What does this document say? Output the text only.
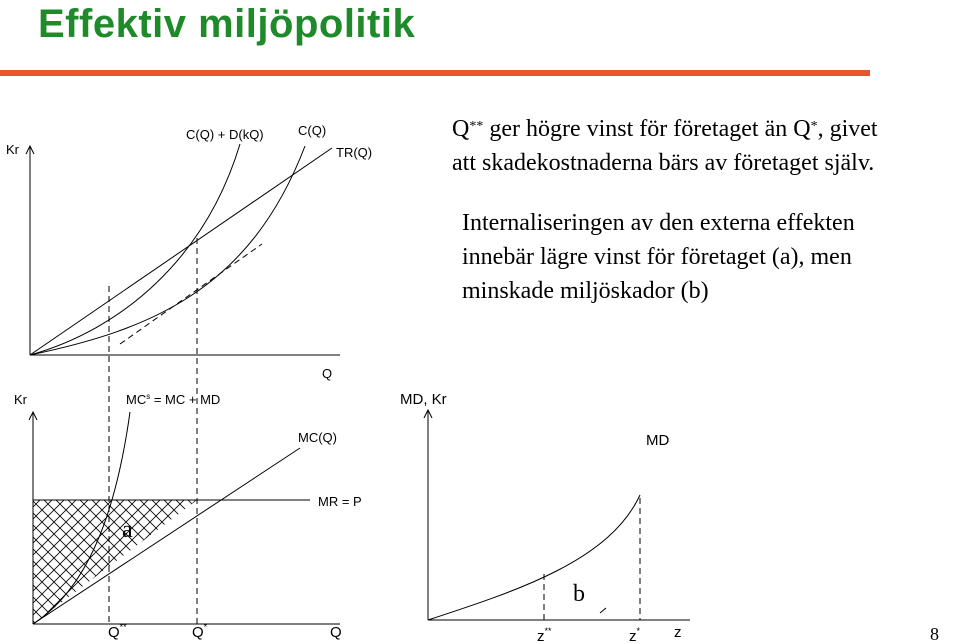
Effektiv miljöpolitik

Q** ger högre vinst för företaget än Q*, givet

att skadekostnaderna bärs av företaget själv.

Internaliseringen av den externa effekten

innebär lägre vinst för företaget (a), men

minskade miljöskador (b)

Kr
Q
C(Q) + D(kQ)	C(Q)
TR(Q)
Kr	$MC^s$ = MC + MD
MC(Q)
MR = P
a
Q**	Q*	Q
MD, Kr
MD
b
z**	z* z	8
